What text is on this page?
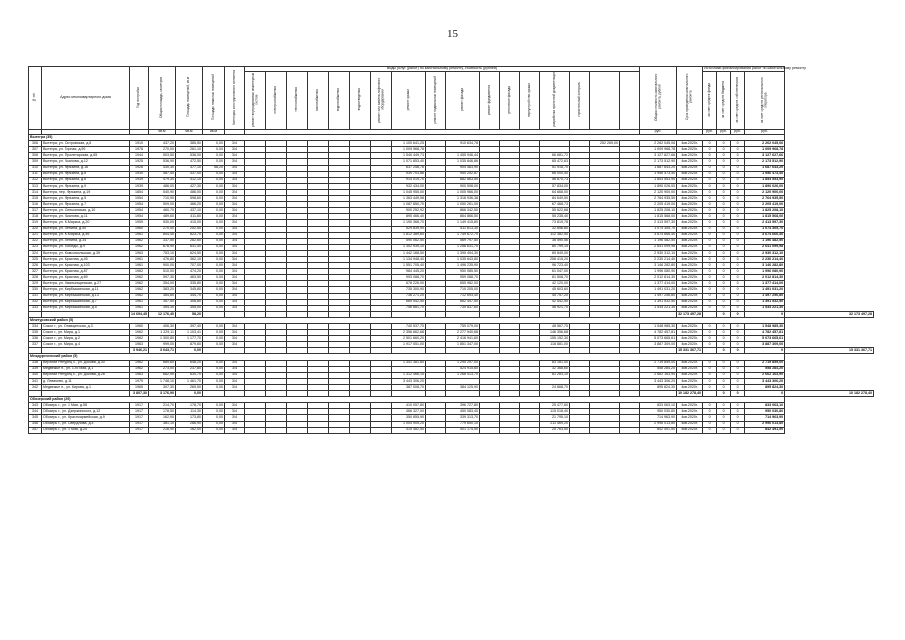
15
№ п/п	Адрес многоквартирного дома	Год постройки	Общая площадь, кв.метров	Площадь помещений, кв.м	Площадь нежилых помещений	Категория конструктивного элемента	Виды услуг (работ) по капитальному ремонту, стоимость (рублей)																	Общая стоимость капитального ремонта, рублей	Срок проведения капитального ремонта	Источники финансирования работ по капитальному ремонту				
							ремонт внутридомовых инженерных систем	электроснабжения	теплоснабжения	газоснабжения	водоснабжения	водоотведения	ремонт или замена лифтового оборудования	ремонт крыши	ремонт подвальных помещений	ремонт фасада	ремонт фундамента	утепление фасада	переустройство крыши	разработка проектной документации	строительный контроль					за счет средств фонда	за счет средств бюджета	за счет средств собственников	за счет средств регионального оператора	
			кв.м	кв.м	кв.м																			руб.		руб.	руб.	руб.	руб.	
Вытегра (35)																														
306	Вытегра, ул. Островская, д.6	1910	437,20	385,50	0,00	3/4								1 100 641,25		910 634,78						252 269,00		2 262 045,06	4кв.2020г.	0	0	0	2 262 045,06	
307	Вытегра, ул. Горная, д.59	1978	270,00	261,10	0,00	3/4								1 009 968,78										1 009 968,78	4кв.2020г.	0	0	0	1 009 968,78	
308	Вытегра, ул. Пролетарская, д.65	1944	503,50	536,00	0,00	3/4								1 540 449,73		1 455 946,44				66 681,72				3 127 627,66	4кв.2020г.	0	0	0	3 127 627,66	
309	Вытегра, ул. Чкалова, д.12	1925	536,90	472,50	0,00	3/4								1 071 853,40		1 035 846,86				65 472,63				2 173 512,90	4кв.2020г.	0	0	0	2 173 512,90	
310	Вытегра, ул. Фрязина, д.16	1926	430,30	377,10	58,20	3/4								637 258,76		904 463,90				51 918,70				1 687 643,20	4кв.2020г.	0	0	0	1 687 643,20	
311	Вытегра, ул. Фрязина, д.8	1930	487,40	437,00	0,00	3/4								939 703,86		950 252,87				66 000,40				1 956 473,40	4кв.2020г.	0	0	0	1 956 473,40	
312	Вытегра, ул. Фрязина, д.6	1939	479,30	412,10	0,00	3/4								914 019,70		882 863,50				56 670,73				1 853 553,90	4кв.2020г.	0	0	0	1 853 553,90	
313	Вытегра, ул. Фрязина, д.9	1939	486,00	427,30	0,00	3/4								932 434,00		900 598,00				57 834,00				1 890 026,00	4кв.2020г.	0	0	0	1 890 026,00	
314	Вытегра, пер. Фрязина, д.19	1854	540,90	486,00	0,00	3/4								1 045 955,00		1 005 966,00				64 668,00				2 120 900,00	4кв.2020г.	0	0	0	2 120 900,00	
315	Вытегра, ул. Фрязина, д.5	1954	710,90	598,60	0,00	3/4								1 363 449,58		1 316 936,38				84 649,50				2 764 935,50	4кв.2020г.	0	0	0	2 764 935,50	
316	Вытегра, ул. Фрязина, д.7	1954	509,00	466,20	0,00	3/4								1 087 850,70		1 050 261,00				67 468,73				2 205 419,00	4кв.2020г.	0	0	0	2 205 419,00	
317	Вытегра, ул. Сенькинская, д.10	1954	460,70	437,10	0,00	3/4								900 252,92		866 342,50				55 622,68				1 825 208,10	4кв.2020г.	0	0	0	1 825 208,10	
318	Вытегра, ул. Чкалова, д.11	1954	489,60	411,60	0,00	3/4								895 466,40		864 866,50				55 235,40				1 815 568,00	4кв.2020г.	0	0	0	1 815 568,00	
319	Вытегра, ул. К.Маркса, д.20	1959	530,00	415,00	0,00	3/4								1 190 368,70		1 149 415,80				73 819,78				2 413 597,30	4кв.2020г.	0	0	0	2 413 597,30	
320	Вытегра, ул. Ленина, д.40	1960	270,50	252,50	0,00	3/4								529 839,90		511 613,30				32 856,80				1 074 305,70	4кв.2020г.	0	0	0	1 074 305,70	
321	Вытегра, ул. К.Маркса, д.46	1961	844,40	823,70	0,00	3/4								1 812 389,60		1 749 672,70				112 382,50				3 674 666,40	4кв.2020г.	0	0	0	3 674 666,40	
322	Вытегра, ул. Ленина, д.34	1962	337,50	282,60	0,00	3/4								590 062,50		569 797,50				36 590,56				1 196 482,50	4кв.2020г.	0	0	0	1 196 482,50	
323	Вытегра, ул. Победы, д.9	1962	678,90	631,40	0,00	3/4								1 302 939,10		1 258 631,70				80 799,15				2 641 099,98	4кв.2020г.	0	0	0	2 641 099,98	
324	Вытегра, ул. Комсомольская, д.39	1963	753,10	624,50	0,00	3/4								1 442 168,50		1 395 494,30				89 849,00				2 930 312,10	4кв.2020г.	0	0	0	2 930 312,10	
325	Вытегра, ул. Красная, д.45	1961	476,80	362,10	0,00	3/4								1 134 948,40		1 035 643,80				258 415,20				2 230 214,40	4кв.2020г.	0	0	0	2 230 214,40	
326	Вытегра, ул. Красная, д.103	1961	900,00	707,00	0,00	3/4								1 551 705,40		1 496 235,90				96 723,40				3 146 282,80	4кв.2020г.	0	0	0	3 146 282,80	
327	Вытегра, ул. Красная, д.87	1962	510,00	474,20	0,00	3/4								984 445,20		950 985,50				61 047,00				1 996 080,90	4кв.2020г.	0	0	0	1 996 080,90	
328	Вытегра, ул. Красная, д.89	1962	597,30	463,50	0,00	3/4								993 088,70		959 088,70				61 508,70				2 012 814,30	4кв.2020г.	0	0	0	2 012 814,30	
329	Вытегра, ул. Хвалынщинская, д.27	1962	354,00	335,80	0,00	3/4								678 226,00		655 982,00				42 120,00				1 377 414,00	4кв.2020г.	0	0	0	1 377 414,00	
330	Вытегра, ул. Кирбышинская, д.11	1962	383,20	345,80	0,00	3/4								735 300,90		710 205,00				45 603,60				1 491 031,20	4кв.2020г.	0	0	0	1 491 031,20	
331	Вытегра, ул. Кирбышинская, д.13	1962	384,60	344,70	0,00	3/4								736 271,20		712 693,40				45 757,20				1 497 256,80	4кв.2020г.	0	0	0	1 497 256,80	
332	Вытегра, ул. Кирбышинская, д.7	1961	357,50	306,80	0,00	3/4								689 542,50		662 447,50				42 542,50				1 391 532,50	4кв.2020г.	0	0	0	1 391 532,50	
333	Вытегра, ул. Кирбышинская, д.5	1961	394,30	355,00	0,00	3/4								756 681,70		730 837,60				46 921,70				1 534 221,30	4кв.2020г.	0	0	0	1 534 221,30	
		14 694,45	12 176,40	58,20																					32 173 497,28		0	0	0	32 173 497,28
Межтуровский район (5)																														
334	Сокол г., ул. Отавцинская, д.3	1960	406,30	397,40	0,00	3/4								740 537,70		759 079,00				48 567,70				1 548 985,30	4кв.2020г.	0	0	0	1 548 985,30	
335	Сокол г., ул. Мира, д.1	1962	1 229,11	1 103,41	0,00	3/4								2 356 662,68		2 277 940,68				146 356,68				4 782 457,81	4кв.2020г.	0	0	0	4 782 457,81	
336	Сокол г., ул. Мира, д.2	1962	1 300,80	1 177,70	0,00	3/4								2 501 660,20		2 416 941,60				155 152,30				5 073 665,61	4кв.2020г.	0	0	0	5 073 665,61	
337	Сокол г., ул. Мира, д.4	1963	999,00	879,60	0,00	3/4								1 917 051,00		1 851 347,00				118 881,00				3 887 309,00	4кв.2020г.	0	0	0	3 887 309,00	
		3 946,21	3 643,71	0,00																					15 331 367,71		0	0	0	15 331 367,71
Междуреченский район (5)																														
338	Верхний Репурец с., ул. Докова, д.30	1962	689,60	648,20	0,00	3/4								1 341 381,60		1 295 297,00				83 181,00				2 719 859,00	4кв.2020г.	0	0	0	2 719 859,00	
339	Медвежье п., ул. 1-го Мая, д.1	1962	273,00	237,80	0,00	3/4										524 915,60				32 368,60				558 284,20	4кв.2020г.	0	0	0	558 284,20	
340	Верхний Репурец с., ул. Докова, д.28	1963	682,90	630,70	0,00	3/4								1 312 466,10		1 268 413,70				81 283,10				2 662 163,90	4кв.2020г.	0	0	0	2 662 163,90	
341	д. Левачево, д.11	1979	1 748,10	1 461,70	0,00	3/4								3 443 306,20										3 443 306,20	4кв.2020г.	0	0	0	3 443 306,20	
342	Медвежье п., ул. Кирова, д.1	1965	307,30	269,50	0,00	3/4								387 008,70		384 125,90				24 668,70				895 824,30	4кв.2020г.	0	0	0	895 824,30	
		3 807,30	3 176,90	0,00																					10 182 278,40		0	0	0	10 182 278,40
Обозерский район (29)																														
343	Обозерь г., ул. 1 Мая, д.58	1917	214,70	178,70	0,00	3/4								410 057,80		396 727,80				25 477,60				833 063,10	4кв.2020г.	0	0	0	833 063,10	
344	Обозерь г., ул. Дзержинского, д.12	1917	178,50	114,30	0,00	3/4								466 327,00		450 083,40				115 018,40				950 030,80	4кв.2020г.	0	0	0	950 030,80	
345	Обозерь г., ул. Красноармейская, д.9	1917	162,90	173,80	0,00	3/4								350 855,90		339 313,70				21 795,10				714 963,90	4кв.2020г.	0	0	0	714 963,90	
346	Обозерь г., ул. Свердлова, д.4	1917	381,10	286,90	0,00	3/4								1 004 905,20		779 650,10				211 469,20				2 996 013,80	4кв.2020г.	0	0	0	2 996 013,80	
347	Обозерь г., ул. 1 Мая, д.24	1917	216,90	162,00	0,00	3/4								415 482,50		401 174,50				25 763,50				842 491,50	4кв.2020г.	0	0	0	842 491,50	
